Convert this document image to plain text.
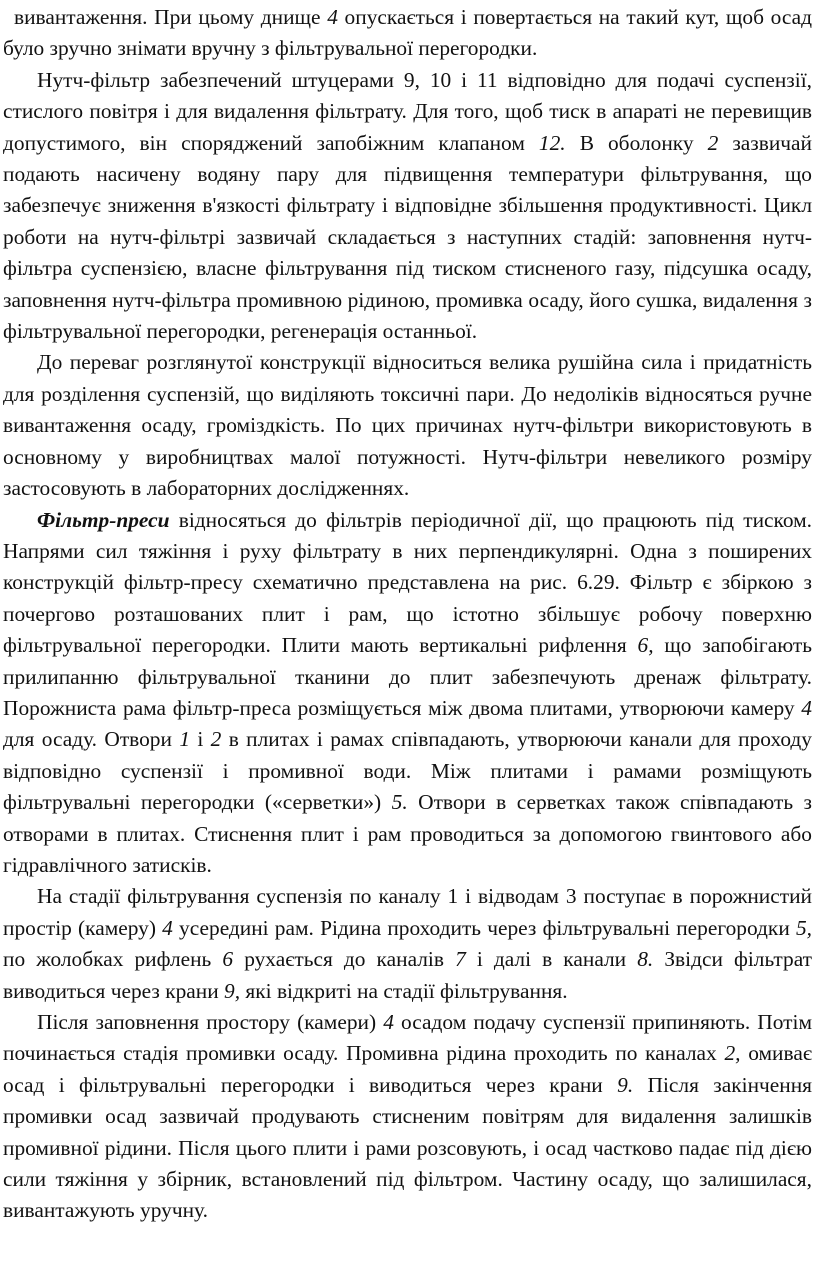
вивантаження. При цьому днище 4 опускається і повертається на такий кут, щоб осад було зручно знімати вручну з фільтрувальної перегородки.

Нутч-фільтр забезпечений штуцерами 9, 10 і 11 відповідно для подачі суспензії, стислого повітря і для видалення фільтрату. Для того, щоб тиск в апараті не перевищив допустимого, він споряджений запобіжним клапаном 12. В оболонку 2 зазвичай подають насичену водяну пару для підвищення температури фільтрування, що забезпечує зниження в'язкості фільтрату і відповідне збільшення продуктивності. Цикл роботи на нутч-фільтрі зазвичай складається з наступних стадій: заповнення нутч-фільтра суспензією, власне фільтрування під тиском стисненого газу, підсушка осаду, заповнення нутч-фільтра промивною рідиною, промивка осаду, його сушка, видалення з фільтрувальної перегородки, регенерація останньої.

До переваг розглянутої конструкції відноситься велика рушійна сила і придатність для розділення суспензій, що виділяють токсичні пари. До недоліків відносяться ручне вивантаження осаду, громіздкість. По цих причинах нутч-фільтри використовують в основному у виробництвах малої потужності. Нутч-фільтри невеликого розміру застосовують в лабораторних дослідженнях.

Фільтр-преси відносяться до фільтрів періодичної дії, що працюють під тиском. Напрями сил тяжіння і руху фільтрату в них перпендикулярні. Одна з поширених конструкцій фільтр-пресу схематично представлена на рис. 6.29. Фільтр є збіркою з почергово розташованих плит і рам, що істотно збільшує робочу поверхню фільтрувальної перегородки. Плити мають вертикальні рифлення 6, що запобігають прилипанню фільтрувальної тканини до плит забезпечують дренаж фільтрату. Порожниста рама фільтр-преса розміщується між двома плитами, утворюючи камеру 4 для осаду. Отвори 1 і 2 в плитах і рамах співпадають, утворюючи канали для проходу відповідно суспензії і промивної води. Між плитами і рамами розміщують фільтрувальні перегородки («серветки») 5. Отвори в серветках також співпадають з отворами в плитах. Стиснення плит і рам проводиться за допомогою гвинтового або гідравлічного затисків.

На стадії фільтрування суспензія по каналу 1 і відводам 3 поступає в порожнистий простір (камеру) 4 усередині рам. Рідина проходить через фільтрувальні перегородки 5, по жолобках рифлень 6 рухається до каналів 7 і далі в канали 8. Звідси фільтрат виводиться через крани 9, які відкриті на стадії фільтрування.

Після заповнення простору (камери) 4 осадом подачу суспензії припиняють. Потім починається стадія промивки осаду. Промивна рідина проходить по каналах 2, омиває осад і фільтрувальні перегородки і виводиться через крани 9. Після закінчення промивки осад зазвичай продувають стисненим повітрям для видалення залишків промивної рідини. Після цього плити і рами розсовують, і осад частково падає під дією сили тяжіння у збірник, встановлений під фільтром. Частину осаду, що залишилася, вивантажують уручну.
